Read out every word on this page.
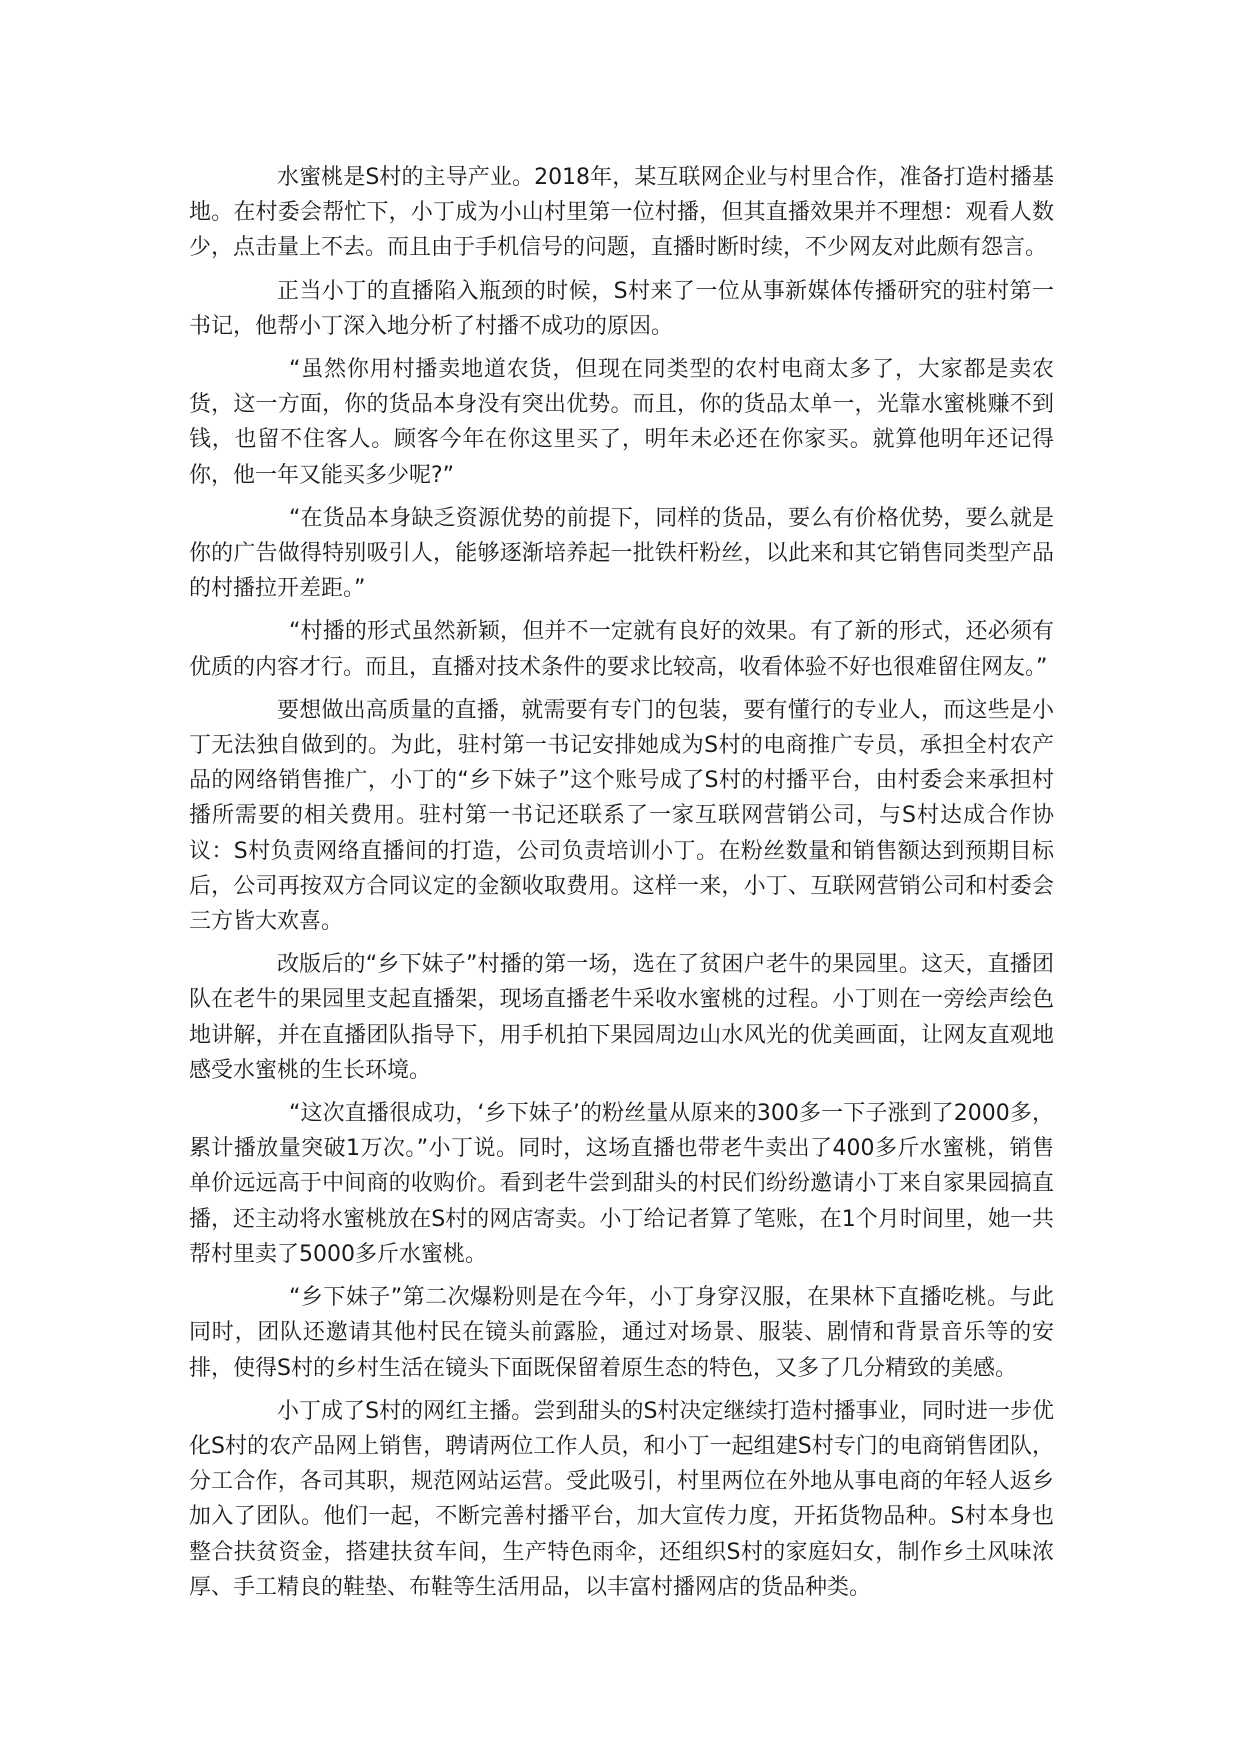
水蜜桃是S村的主导产业。2018年，某互联网企业与村里合作，准备打造村播基地。在村委会帮忙下，小丁成为小山村里第一位村播，但其直播效果并不理想：观看人数少，点击量上不去。而且由于手机信号的问题，直播时断时续，不少网友对此颇有怨言。

正当小丁的直播陷入瓶颈的时候，S村来了一位从事新媒体传播研究的驻村第一书记，他帮小丁深入地分析了村播不成功的原因。

“虽然你用村播卖地道农货，但现在同类型的农村电商太多了，大家都是卖农货，这一方面，你的货品本身没有突出优势。而且，你的货品太单一，光靠水蜜桃赚不到钱，也留不住客人。顾客今年在你这里买了，明年未必还在你家买。就算他明年还记得你，他一年又能买多少呢?”

“在货品本身缺乏资源优势的前提下，同样的货品，要么有价格优势，要么就是你的广告做得特别吸引人，能够逐渐培养起一批铁杆粉丝，以此来和其它销售同类型产品的村播拉开差距。”

“村播的形式虽然新颖，但并不一定就有良好的效果。有了新的形式，还必须有优质的内容才行。而且，直播对技术条件的要求比较高，收看体验不好也很难留住网友。”

要想做出高质量的直播，就需要有专门的包装，要有懂行的专业人，而这些是小丁无法独自做到的。为此，驻村第一书记安排她成为S村的电商推广专员，承担全村农产品的网络销售推广，小丁的“乡下妹子”这个账号成了S村的村播平台，由村委会来承担村播所需要的相关费用。驻村第一书记还联系了一家互联网营销公司，与S村达成合作协议：S村负责网络直播间的打造，公司负责培训小丁。在粉丝数量和销售额达到预期目标后，公司再按双方合同议定的金额收取费用。这样一来，小丁、互联网营销公司和村委会三方皆大欢喜。

改版后的“乡下妹子”村播的第一场，选在了贫困户老牛的果园里。这天，直播团队在老牛的果园里支起直播架，现场直播老牛采收水蜜桃的过程。小丁则在一旁绘声绘色地讲解，并在直播团队指导下，用手机拍下果园周边山水风光的优美画面，让网友直观地感受水蜜桃的生长环境。

“这次直播很成功，‘乡下妹子’的粉丝量从原来的300多一下子涨到了2000多，累计播放量突破1万次。”小丁说。同时，这场直播也带老牛卖出了400多斤水蜜桃，销售单价远远高于中间商的收购价。看到老牛尝到甜头的村民们纷纷邀请小丁来自家果园搞直播，还主动将水蜜桃放在S村的网店寄卖。小丁给记者算了笔账，在1个月时间里，她一共帮村里卖了5000多斤水蜜桃。

“乡下妹子”第二次爆粉则是在今年，小丁身穿汉服，在果林下直播吃桃。与此同时，团队还邀请其他村民在镜头前露脸，通过对场景、服装、剧情和背景音乐等的安排，使得S村的乡村生活在镜头下面既保留着原生态的特色，又多了几分精致的美感。

小丁成了S村的网红主播。尝到甜头的S村决定继续打造村播事业，同时进一步优化S村的农产品网上销售，聘请两位工作人员，和小丁一起组建S村专门的电商销售团队，分工合作，各司其职，规范网站运营。受此吸引，村里两位在外地从事电商的年轻人返乡加入了团队。他们一起，不断完善村播平台，加大宣传力度，开拓货物品种。S村本身也整合扶贫资金，搭建扶贫车间，生产特色雨伞，还组织S村的家庭妇女，制作乡土风味浓厚、手工精良的鞋垫、布鞋等生活用品，以丰富村播网店的货品种类。
